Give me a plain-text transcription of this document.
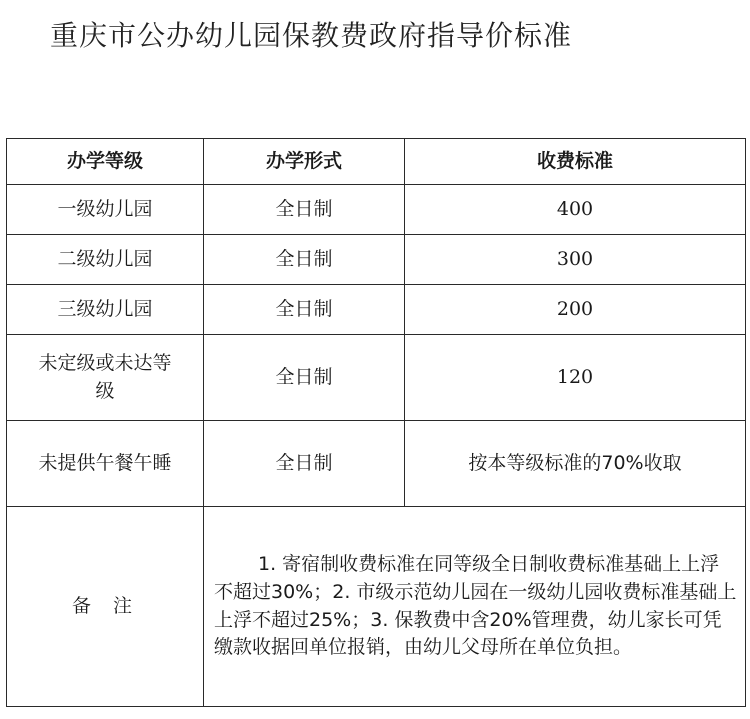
重庆市公办幼儿园保教费政府指导价标准
办学等级	办学形式	收费标准
一级幼儿园	全日制	400
二级幼儿园	全日制	300
三级幼儿园	全日制	200
未定级或未达等级	全日制	120
未提供午餐午睡	全日制	按本等级标准的70%收取
备注	1. 寄宿制收费标准在同等级全日制收费标准基础上上浮不超过30%；2. 市级示范幼儿园在一级幼儿园收费标准基础上上浮不超过25%；3. 保教费中含20%管理费，幼儿家长可凭缴款收据回单位报销，由幼儿父母所在单位负担。	
